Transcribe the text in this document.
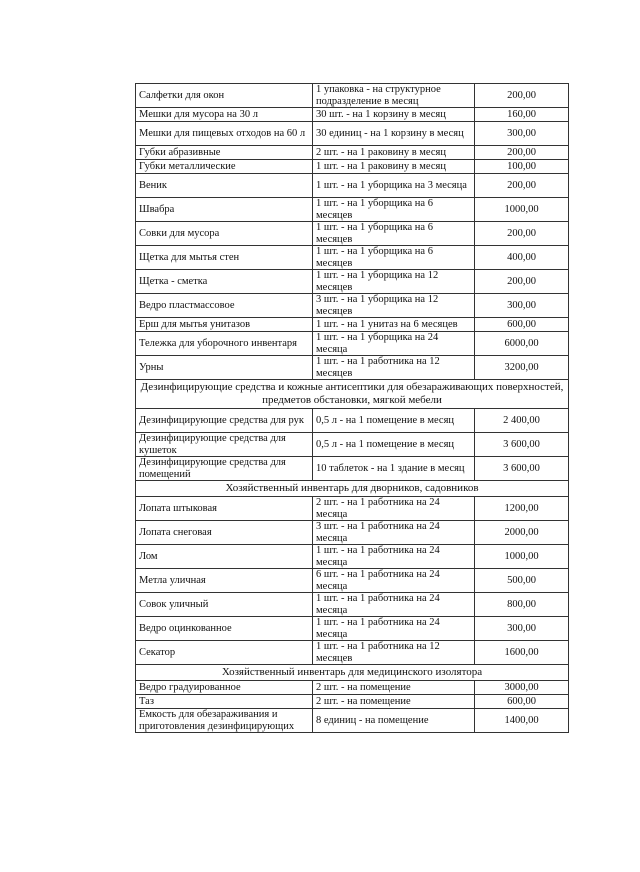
Салфетки для окон	1 упаковка - на структурное подразделение в месяц	200,00
Мешки для мусора на 30 л	30 шт. - на 1 корзину в месяц	160,00
Мешки для пищевых отходов на 60 л	30 единиц - на 1 корзину в месяц	300,00
Губки абразивные	2 шт. - на 1 раковину в месяц	200,00
Губки металлические	1 шт. - на 1 раковину в месяц	100,00
Веник	1 шт. - на 1 уборщика на 3 месяца	200,00
Швабра	1 шт. - на 1 уборщика на 6 месяцев	1000,00
Совки для мусора	1 шт. - на 1 уборщика на 6 месяцев	200,00
Щетка для мытья стен	1 шт. - на 1 уборщика на 6 месяцев	400,00
Щетка - сметка	1 шт. - на 1 уборщика на 12 месяцев	200,00
Ведро пластмассовое	3 шт. - на 1 уборщика на 12 месяцев	300,00
Ерш для мытья унитазов	1 шт. - на 1 унитаз на 6 месяцев	600,00
Тележка для уборочного инвентаря	1 шт. - на 1 уборщика на 24 месяца	6000,00
Урны	1 шт. - на 1 работника на 12 месяцев	3200,00
Дезинфицирующие средства и кожные антисептики для обезараживающих поверхностей, предметов обстановки, мягкой мебели		
Дезинфицирующие средства для рук	0,5 л - на 1 помещение в месяц	2 400,00
Дезинфицирующие средства для кушеток	0,5 л - на 1 помещение в месяц	3 600,00
Дезинфицирующие средства для помещений	10 таблеток - на 1 здание в месяц	3 600,00
Хозяйственный инвентарь для дворников, садовников		
Лопата штыковая	2 шт. - на 1 работника на 24 месяца	1200,00
Лопата снеговая	3 шт. - на 1 работника на 24 месяца	2000,00
Лом	1 шт. - на 1 работника на 24 месяца	1000,00
Метла уличная	6 шт. - на 1 работника на 24 месяца	500,00
Совок уличный	1 шт. - на 1 работника на 24 месяца	800,00
Ведро оцинкованное	1 шт. - на 1 работника на 24 месяца	300,00
Секатор	1 шт. - на 1 работника на 12 месяцев	1600,00
Хозяйственный инвентарь для медицинского изолятора		
Ведро градуированное	2 шт. - на помещение	3000,00
Таз	2 шт. - на помещение	600,00
Емкость для обезараживания и приготовления дезинфицирующих	8 единиц - на помещение	1400,00
